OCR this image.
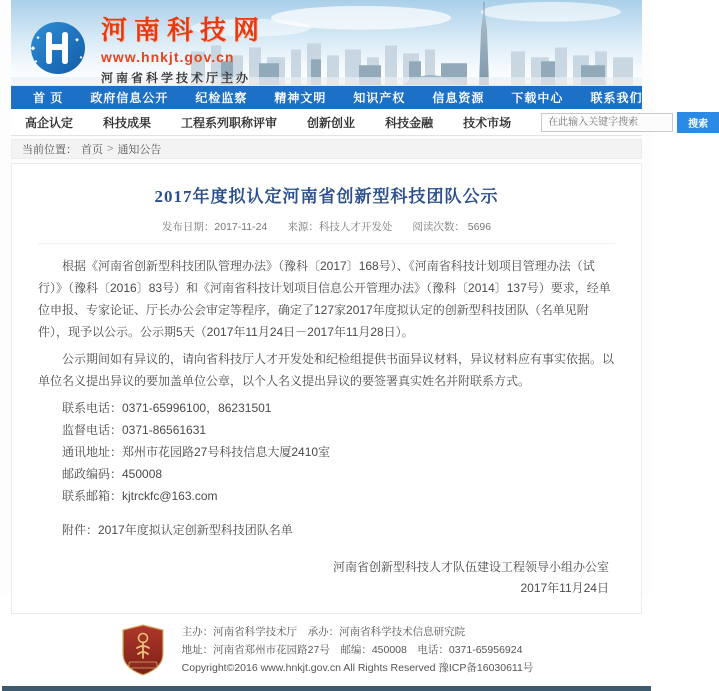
河南科技网
www.hnkjt.gov.cn
河南省科学技术厅主办
首 页 政府信息公开 纪检监察 精神文明 知识产权 信息资源 下载中心 联系我们
高企认定	科技成果	工程系列职称评审	创新创业	科技金融	技术市场
在此输入关键字搜索	搜索
当前位置： 首页 > 通知公告
2017年度拟认定河南省创新型科技团队公示
发布日期：2017-11-24 来源：科技人才开发处 阅读次数： 5696

根据《河南省创新型科技团队管理办法》（豫科〔2017〕168号）、《河南省科技计划项目管理办法（试行）》（豫科〔2016〕83号）和《河南省科技计划项目信息公开管理办法》（豫科〔2014〕137号）要求，经单位申报、专家论证、厅长办公会审定等程序，确定了127家2017年度拟认定的创新型科技团队（名单见附件），现予以公示。公示期5天（2017年11月24日－2017年11月28日）。

公示期间如有异议的，请向省科技厅人才开发处和纪检组提供书面异议材料，异议材料应有事实依据。以单位名义提出异议的要加盖单位公章，以个人名义提出异议的要签署真实姓名并附联系方式。

联系电话：0371-65996100，86231501
监督电话：0371-86561631
通讯地址：郑州市花园路27号科技信息大厦2410室
邮政编码：450008
联系邮箱：kjtrckfc@163.com
附件：2017年度拟认定创新型科技团队名单
河南省创新型科技人才队伍建设工程领导小组办公室
2017年11月24日
主办：河南省科学技术厅　承办：河南省科学技术信息研究院
地址：河南省郑州市花园路27号　邮编：450008　电话：0371-65956924
Copyright©2016 www.hnkjt.gov.cn All Rights Reserved 豫ICP备16030611号
